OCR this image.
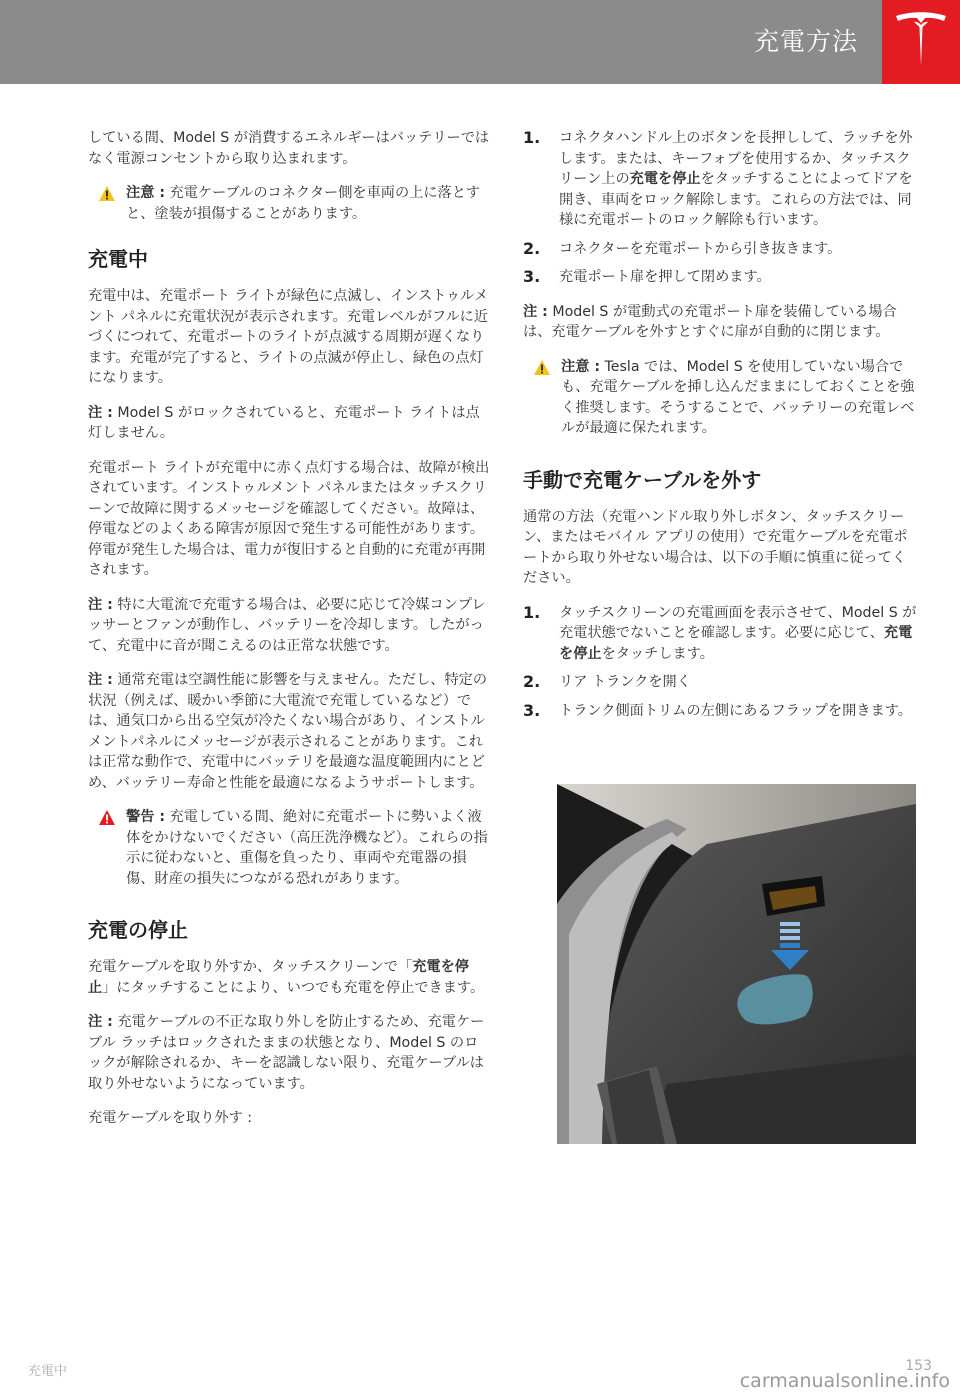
充電方法

している間、Model S が消費するエネルギーはバッテリーではなく電源コンセントから取り込まれます。

注意 : 充電ケーブルのコネクター側を車両の上に落とすと、塗装が損傷することがあります。
充電中

充電中は、充電ポート ライトが緑色に点滅し、インストゥルメント パネルに充電状況が表示されます。充電レベルがフルに近づくにつれて、充電ポートのライトが点滅する周期が遅くなります。充電が完了すると、ライトの点滅が停止し、緑色の点灯になります。

注 : Model S がロックされていると、充電ポート ライトは点灯しません。

充電ポート ライトが充電中に赤く点灯する場合は、故障が検出されています。インストゥルメント パネルまたはタッチスクリーンで故障に関するメッセージを確認してください。故障は、停電などのよくある障害が原因で発生する可能性があります。停電が発生した場合は、電力が復旧すると自動的に充電が再開されます。

注 : 特に大電流で充電する場合は、必要に応じて冷媒コンプレッサーとファンが動作し、バッテリーを冷却します。したがって、充電中に音が聞こえるのは正常な状態です。

注 : 通常充電は空調性能に影響を与えません。ただし、特定の状況（例えば、暖かい季節に大電流で充電しているなど）では、通気口から出る空気が冷たくない場合があり、インストルメントパネルにメッセージが表示されることがあります。これは正常な動作で、充電中にバッテリを最適な温度範囲内にとどめ、バッテリー寿命と性能を最適になるようサポートします。

警告 : 充電している間、絶対に充電ポートに勢いよく液体をかけないでください（高圧洗浄機など）。これらの指示に従わないと、重傷を負ったり、車両や充電器の損傷、財産の損失につながる恐れがあります。
充電の停止

充電ケーブルを取り外すか、タッチスクリーンで「充電を停止」にタッチすることにより、いつでも充電を停止できます。

注 : 充電ケーブルの不正な取り外しを防止するため、充電ケーブル ラッチはロックされたままの状態となり、Model S のロックが解除されるか、キーを認識しない限り、充電ケーブルは取り外せないようになっています。

充電ケーブルを取り外す :

1. コネクタハンドル上のボタンを長押しして、ラッチを外します。または、キーフォブを使用するか、タッチスクリーン上の充電を停止をタッチすることによってドアを開き、車両をロック解除します。これらの方法では、同様に充電ポートのロック解除も行います。
2. コネクターを充電ポートから引き抜きます。
3. 充電ポート扉を押して閉めます。

注 : Model S が電動式の充電ポート扉を装備している場合は、充電ケーブルを外すとすぐに扉が自動的に閉じます。

注意 : Tesla では、Model S を使用していない場合でも、充電ケーブルを挿し込んだままにしておくことを強く推奨します。そうすることで、バッテリーの充電レベルが最適に保たれます。
手動で充電ケーブルを外す

通常の方法（充電ハンドル取り外しボタン、タッチスクリーン、またはモバイル アプリの使用）で充電ケーブルを充電ポートから取り外せない場合は、以下の手順に慎重に従ってください。

1. タッチスクリーンの充電画面を表示させて、Model S が充電状態でないことを確認します。必要に応じて、充電を停止をタッチします。
2. リア トランクを開く
3. トランク側面トリムの左側にあるフラップを開きます。

充電中	153

carmanualsonline.info
